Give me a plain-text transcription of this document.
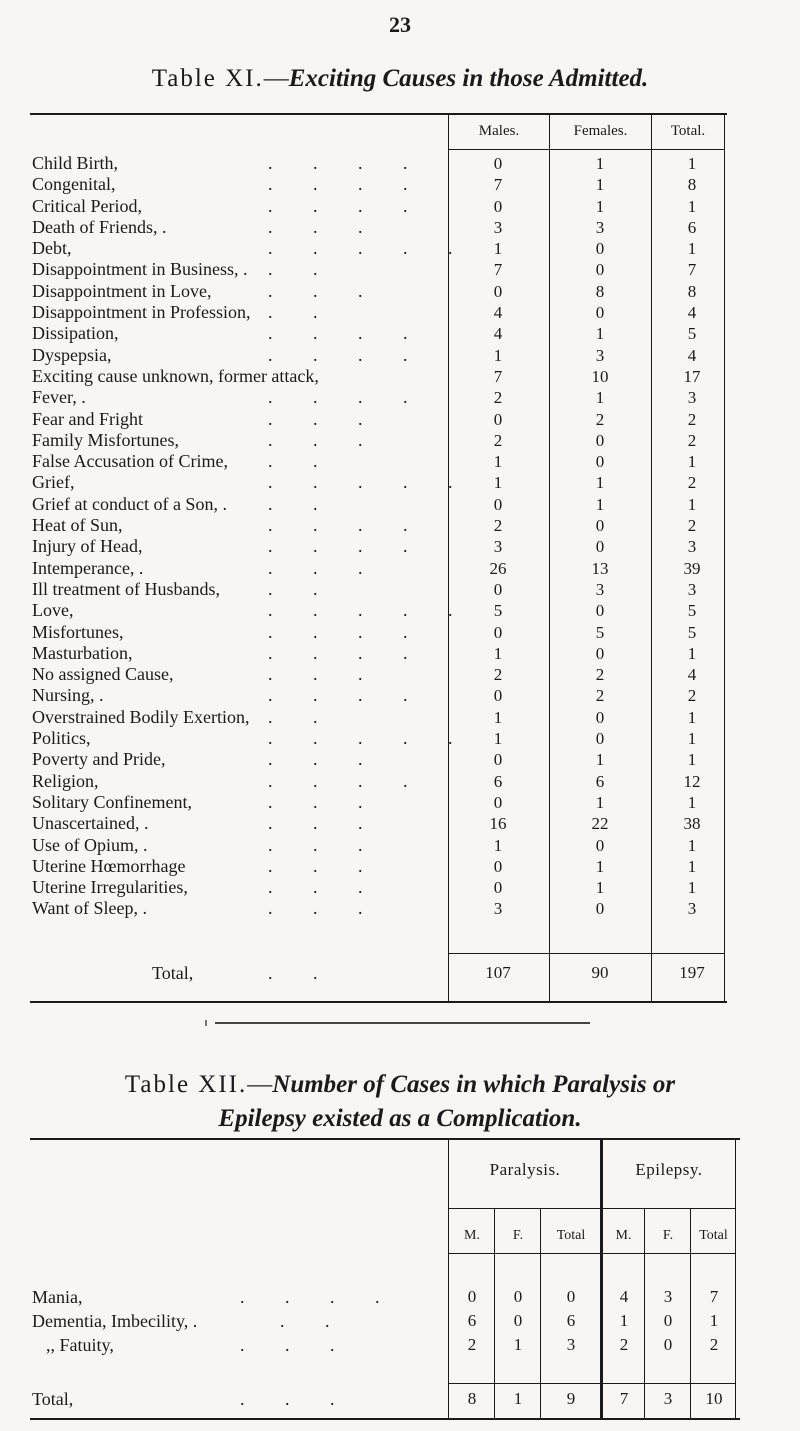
23
Table XI.—Exciting Causes in those Admitted.
Males.	Females.	Total.
Child Birth,	. . . .	0	1	1
Congenital,	. . . .	7	1	8
Critical Period,	. . . .	0	1	1
Death of Friends, .	. . .	3	3	6
Debt,	. . . . .	1	0	1
Disappointment in Business, . . .	7	0	7
Disappointment in Love,	. . .	0	8	8
Disappointment in Profession, . .	4	0	4
Dissipation,	. . . .	4	1	5
Dyspepsia,	. . . .	1	3	4
Exciting cause unknown, former attack,	7	10	17
Fever, .	. . . .	2	1	3
Fear and Fright	. . .	0	2	2
Family Misfortunes,	. . .	2	0	2
False Accusation of Crime, . .	1	0	1
Grief,	. . . . .	1	1	2
Grief at conduct of a Son, . . .	0	1	1
Heat of Sun,	. . . .	2	0	2
Injury of Head,	. . . .	3	0	3
Intemperance, .	. . .	26	13	39
Ill treatment of Husbands,	. .	0	3	3
Love,	. . . . .	5	0	5
Misfortunes,	. . . .	0	5	5
Masturbation,	. . . .	1	0	1
No assigned Cause,	. . .	2	2	4
Nursing, .	. . . .	0	2	2
Overstrained Bodily Exertion, . .	1	0	1
Politics,	. . . . .	1	0	1
Poverty and Pride,	. . .	0	1	1
Religion,	. . . .	6	6	12
Solitary Confinement,	. . .	0	1	1
Unascertained, .	. . .	16	22	38
Use of Opium, .	. . .	1	0	1
Uterine Hœmorrhage	. . .	0	1	1
Uterine Irregularities,	. . .	0	1	1
Want of Sleep, .	. . .	3	0	3
Total,	. .	107	90	197
Table XII.—Number of Cases in which Paralysis or
Epilepsy existed as a Complication.
Paralysis.	Epilepsy.
M.	F.	Total	M.	F.	Total
Mania,	. . . .	0	0	0	4	3	7
Dementia, Imbecility, .	. .	6	0	6	1	0	1
,, Fatuity,	. . .	2	1	3	2	0	2
Total,	. . .	8	1	9	7	3	10
